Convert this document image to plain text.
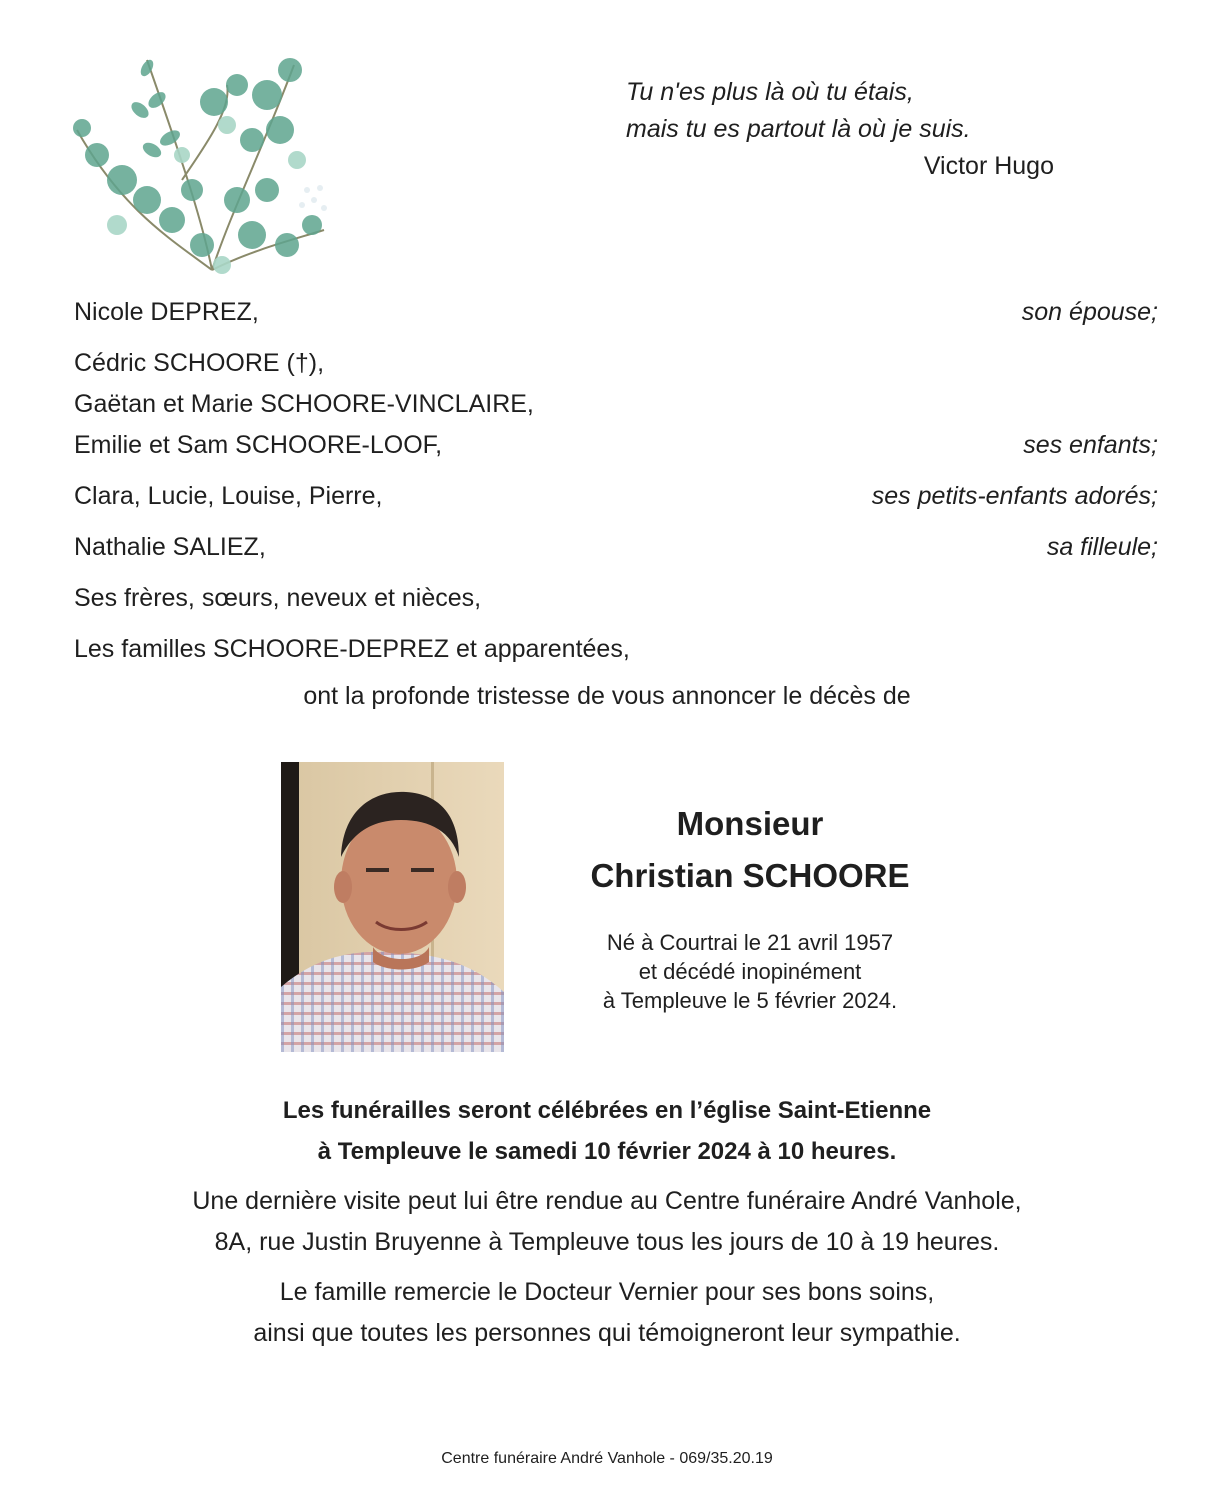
Tu n'es plus là où tu étais,
mais tu es partout là où je suis.
Victor Hugo
Nicole DEPREZ,	son épouse;
Cédric SCHOORE (†),
Gaëtan et Marie SCHOORE-VINCLAIRE,
Emilie et Sam SCHOORE-LOOF,	ses enfants;
Clara, Lucie, Louise, Pierre,	ses petits-enfants adorés;
Nathalie SALIEZ,	sa filleule;
Ses frères, sœurs, neveux et nièces,
Les familles SCHOORE-DEPREZ et apparentées,
ont la profonde tristesse de vous annoncer le décès de
Monsieur
Christian SCHOORE
Né à Courtrai le 21 avril 1957
et décédé inopinément
à Templeuve le 5 février 2024.
Les funérailles seront célébrées en l’église Saint-Etienne
à Templeuve le samedi 10 février 2024 à 10 heures.
Une dernière visite peut lui être rendue au Centre funéraire André Vanhole,
8A, rue Justin Bruyenne à Templeuve tous les jours de 10 à 19 heures.
Le famille remercie le Docteur Vernier pour ses bons soins,
ainsi que toutes les personnes qui témoigneront leur sympathie.
Centre funéraire André Vanhole - 069/35.20.19
